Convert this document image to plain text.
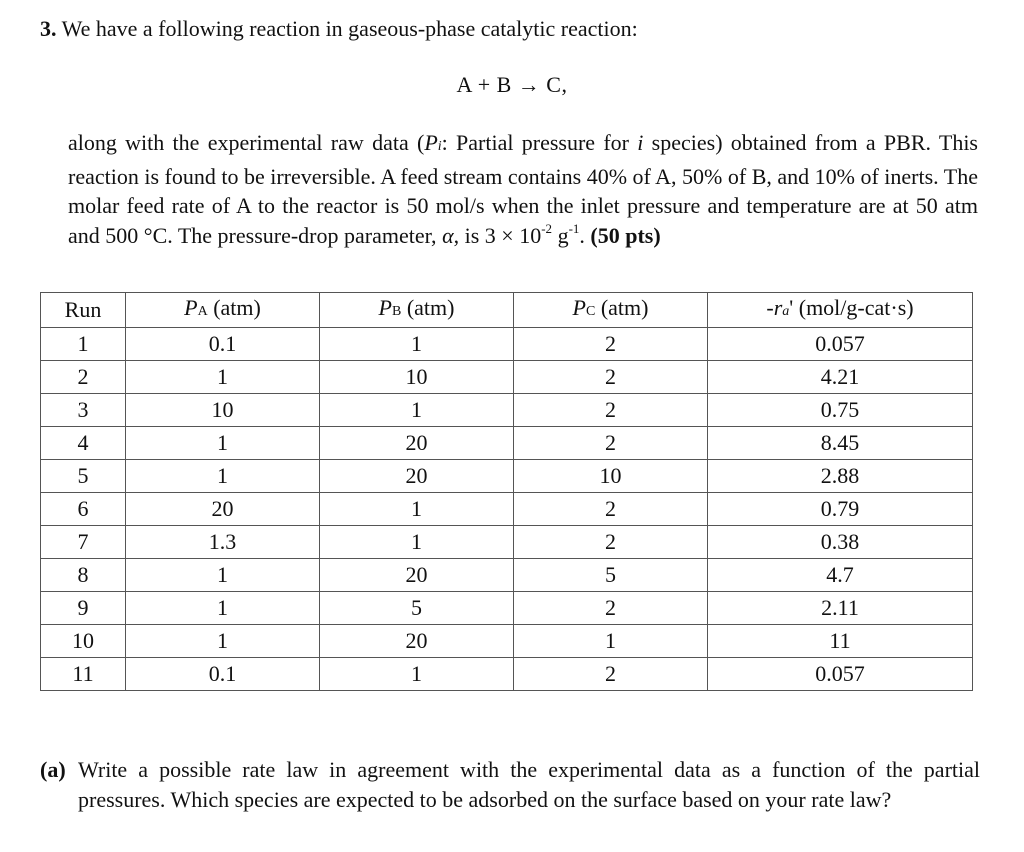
3. We have a following reaction in gaseous-phase catalytic reaction:
A + B → C,
along with the experimental raw data (Pi: Partial pressure for i species) obtained from a PBR. This reaction is found to be irreversible. A feed stream contains 40% of A, 50% of B, and 10% of inerts. The molar feed rate of A to the reactor is 50 mol/s when the inlet pressure and temperature are at 50 atm and 500 °C. The pressure-drop parameter, α, is $3 \times 10^{-2}$ $g^{-1}$. (50 pts)
Run	PA (atm)	PB (atm)	PC (atm)	-ra' (mol/g-cat·s)
1	0.1	1	2	0.057
2	1	10	2	4.21
3	10	1	2	0.75
4	1	20	2	8.45
5	1	20	10	2.88
6	20	1	2	0.79
7	1.3	1	2	0.38
8	1	20	5	4.7
9	1	5	2	2.11
10	1	20	1	11
11	0.1	1	2	0.057
(a) Write a possible rate law in agreement with the experimental data as a function of the partial pressures. Which species are expected to be adsorbed on the surface based on your rate law?
